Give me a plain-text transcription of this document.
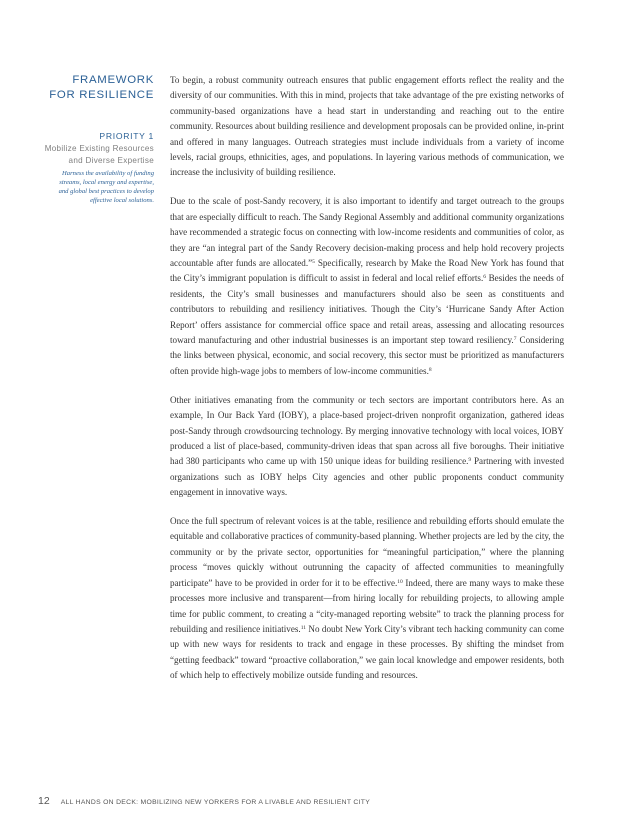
FRAMEWORK
FOR RESILIENCE
PRIORITY 1
Mobilize Existing Resources
and Diverse Expertise
Harness the availability of funding
streams, local energy and expertise,
and global best practices to develop
effective local solutions.

To begin, a robust community outreach ensures that public engagement efforts reflect the reality and the diversity of our communities. With this in mind, projects that take advantage of the pre existing networks of community-based organizations have a head start in understanding and reaching out to the entire community. Resources about building resilience and development proposals can be provided online, in-print and offered in many languages. Outreach strategies must include individuals from a variety of income levels, racial groups, ethnicities, ages, and populations. In layering various methods of communication, we increase the inclusivity of building resilience.

Due to the scale of post-Sandy recovery, it is also important to identify and target outreach to the groups that are especially difficult to reach. The Sandy Regional Assembly and additional community organizations have recommended a strategic focus on connecting with low-income residents and communities of color, as they are “an integral part of the Sandy Recovery decision-making process and help hold recovery projects accountable after funds are allocated.”$^5$ Specifically, research by Make the Road New York has found that the City’s immigrant population is difficult to assist in federal and local relief efforts.$^6$ Besides the needs of residents, the City’s small businesses and manufacturers should also be seen as constituents and contributors to rebuilding and resiliency initiatives. Though the City’s ‘Hurricane Sandy After Action Report’ offers assistance for commercial office space and retail areas, assessing and allocating resources toward manufacturing and other industrial businesses is an important step toward resiliency.$^7$ Considering the links between physical, economic, and social recovery, this sector must be prioritized as manufacturers often provide high-wage jobs to members of low-income communities.$^8$

Other initiatives emanating from the community or tech sectors are important contributors here. As an example, In Our Back Yard (IOBY), a place-based project-driven nonprofit organization, gathered ideas post-Sandy through crowdsourcing technology. By merging innovative technology with local voices, IOBY produced a list of place-based, community-driven ideas that span across all five boroughs. Their initiative had 380 participants who came up with 150 unique ideas for building resilience.$^9$ Partnering with invested organizations such as IOBY helps City agencies and other public proponents conduct community engagement in innovative ways.

Once the full spectrum of relevant voices is at the table, resilience and rebuilding efforts should emulate the equitable and collaborative practices of community-based planning. Whether projects are led by the city, the community or by the private sector, opportunities for “meaningful participation,” where the planning process “moves quickly without outrunning the capacity of affected communities to meaningfully participate” have to be provided in order for it to be effective.$^{10}$ Indeed, there are many ways to make these processes more inclusive and transparent—from hiring locally for rebuilding projects, to allowing ample time for public comment, to creating a “city-managed reporting website” to track the planning process for rebuilding and resilience initiatives.$^{11}$ No doubt New York City’s vibrant tech hacking community can come up with new ways for residents to track and engage in these processes. By shifting the mindset from “getting feedback” toward “proactive collaboration,” we gain local knowledge and empower residents, both of which help to effectively mobilize outside funding and resources.

12 ALL HANDS ON DECK: MOBILIZING NEW YORKERS FOR A LIVABLE AND RESILIENT CITY
